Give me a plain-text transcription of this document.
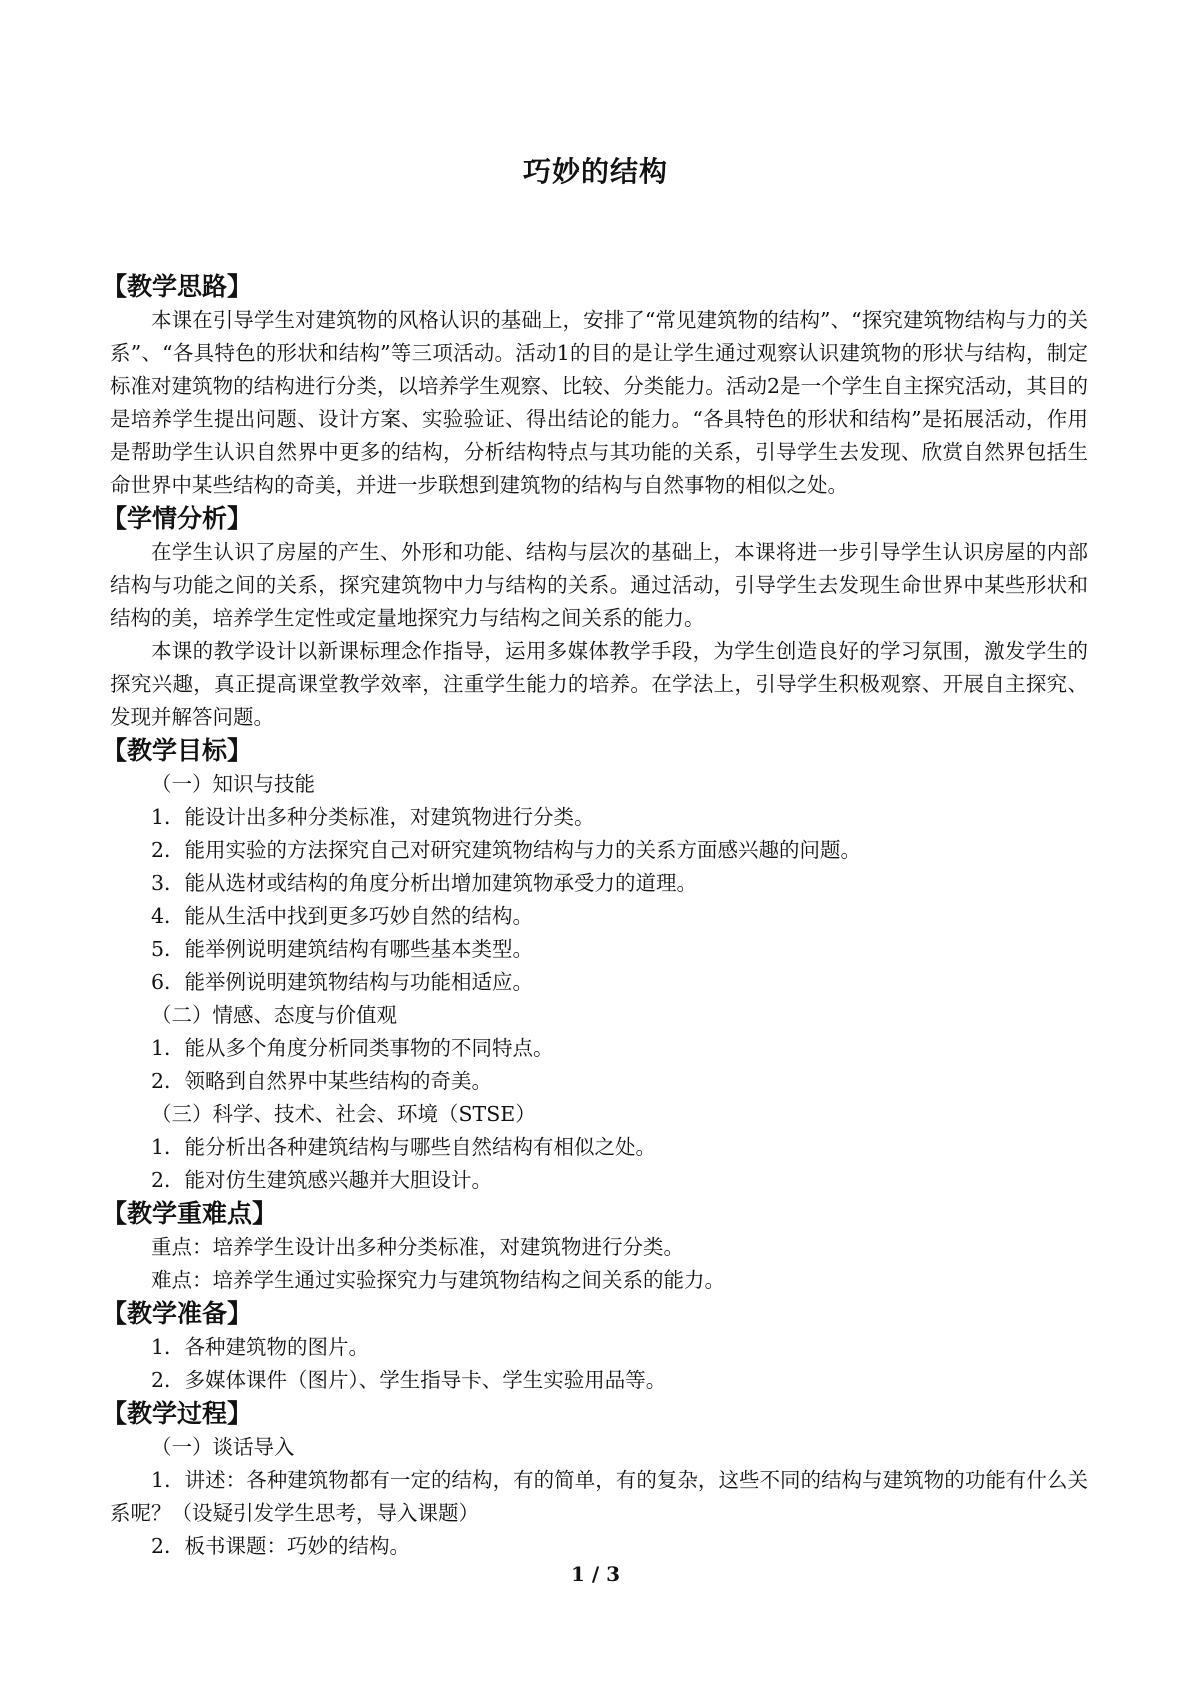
巧妙的结构
【教学思路】

本课在引导学生对建筑物的风格认识的基础上，安排了“常见建筑物的结构”、“探究建筑物结构与力的关系”、“各具特色的形状和结构”等三项活动。活动1的目的是让学生通过观察认识建筑物的形状与结构，制定标准对建筑物的结构进行分类，以培养学生观察、比较、分类能力。活动2是一个学生自主探究活动，其目的是培养学生提出问题、设计方案、实验验证、得出结论的能力。“各具特色的形状和结构”是拓展活动，作用是帮助学生认识自然界中更多的结构，分析结构特点与其功能的关系，引导学生去发现、欣赏自然界包括生命世界中某些结构的奇美，并进一步联想到建筑物的结构与自然事物的相似之处。

【学情分析】

在学生认识了房屋的产生、外形和功能、结构与层次的基础上，本课将进一步引导学生认识房屋的内部结构与功能之间的关系，探究建筑物中力与结构的关系。通过活动，引导学生去发现生命世界中某些形状和结构的美，培养学生定性或定量地探究力与结构之间关系的能力。

本课的教学设计以新课标理念作指导，运用多媒体教学手段，为学生创造良好的学习氛围，激发学生的探究兴趣，真正提高课堂教学效率，注重学生能力的培养。在学法上，引导学生积极观察、开展自主探究、发现并解答问题。

【教学目标】

（一）知识与技能

1．能设计出多种分类标准，对建筑物进行分类。

2．能用实验的方法探究自己对研究建筑物结构与力的关系方面感兴趣的问题。

3．能从选材或结构的角度分析出增加建筑物承受力的道理。

4．能从生活中找到更多巧妙自然的结构。

5．能举例说明建筑结构有哪些基本类型。

6．能举例说明建筑物结构与功能相适应。

（二）情感、态度与价值观

1．能从多个角度分析同类事物的不同特点。

2．领略到自然界中某些结构的奇美。

（三）科学、技术、社会、环境（STSE）

1．能分析出各种建筑结构与哪些自然结构有相似之处。

2．能对仿生建筑感兴趣并大胆设计。

【教学重难点】

重点：培养学生设计出多种分类标准，对建筑物进行分类。

难点：培养学生通过实验探究力与建筑物结构之间关系的能力。

【教学准备】

1．各种建筑物的图片。

2．多媒体课件（图片）、学生指导卡、学生实验用品等。

【教学过程】

（一）谈话导入

1．讲述：各种建筑物都有一定的结构，有的简单，有的复杂，这些不同的结构与建筑物的功能有什么关系呢？（设疑引发学生思考，导入课题）

2．板书课题：巧妙的结构。

1 / 3
